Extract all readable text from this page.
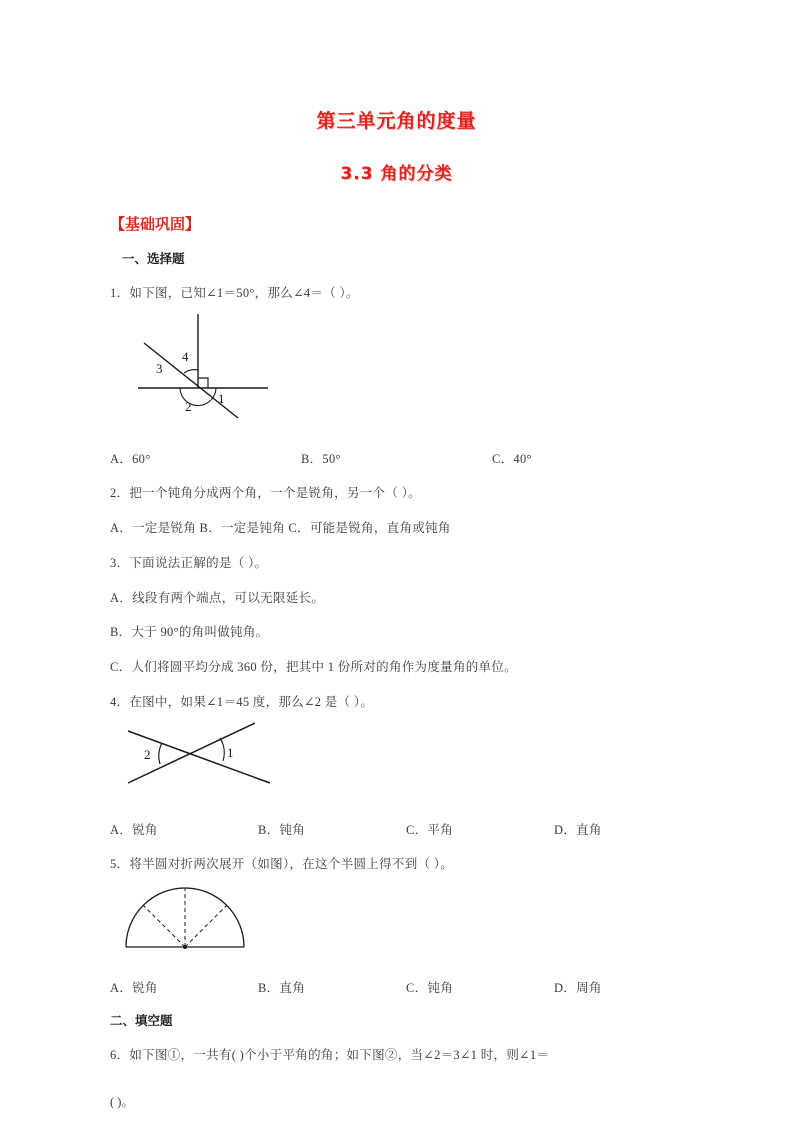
第三单元角的度量
3.3 角的分类
【基础巩固】
一、选择题

1．如下图，已知∠1＝50°，那么∠4＝（ ）。

1
2
3
4
A．60°	B．50°	C．40°

2．把一个钝角分成两个角，一个是锐角，另一个（ ）。

A．一定是锐角 B．一定是钝角 C．可能是锐角，直角或钝角

3．下面说法正解的是（ ）。

A．线段有两个端点，可以无限延长。

B．大于 90°的角叫做钝角。

C．人们将圆平均分成 360 份，把其中 1 份所对的角作为度量角的单位。

4．在图中，如果∠1＝45 度，那么∠2 是（ ）。

1
2
A．锐角	B．钝角	C．平角	D．直角

5．将半圆对折两次展开（如图），在这个半圆上得不到（ ）。

A．锐角	B．直角	C．钝角	D．周角
二、填空题

6．如下图①，一共有( )个小于平角的角；如下图②，当∠2＝3∠1 时，则∠1＝

( )。
